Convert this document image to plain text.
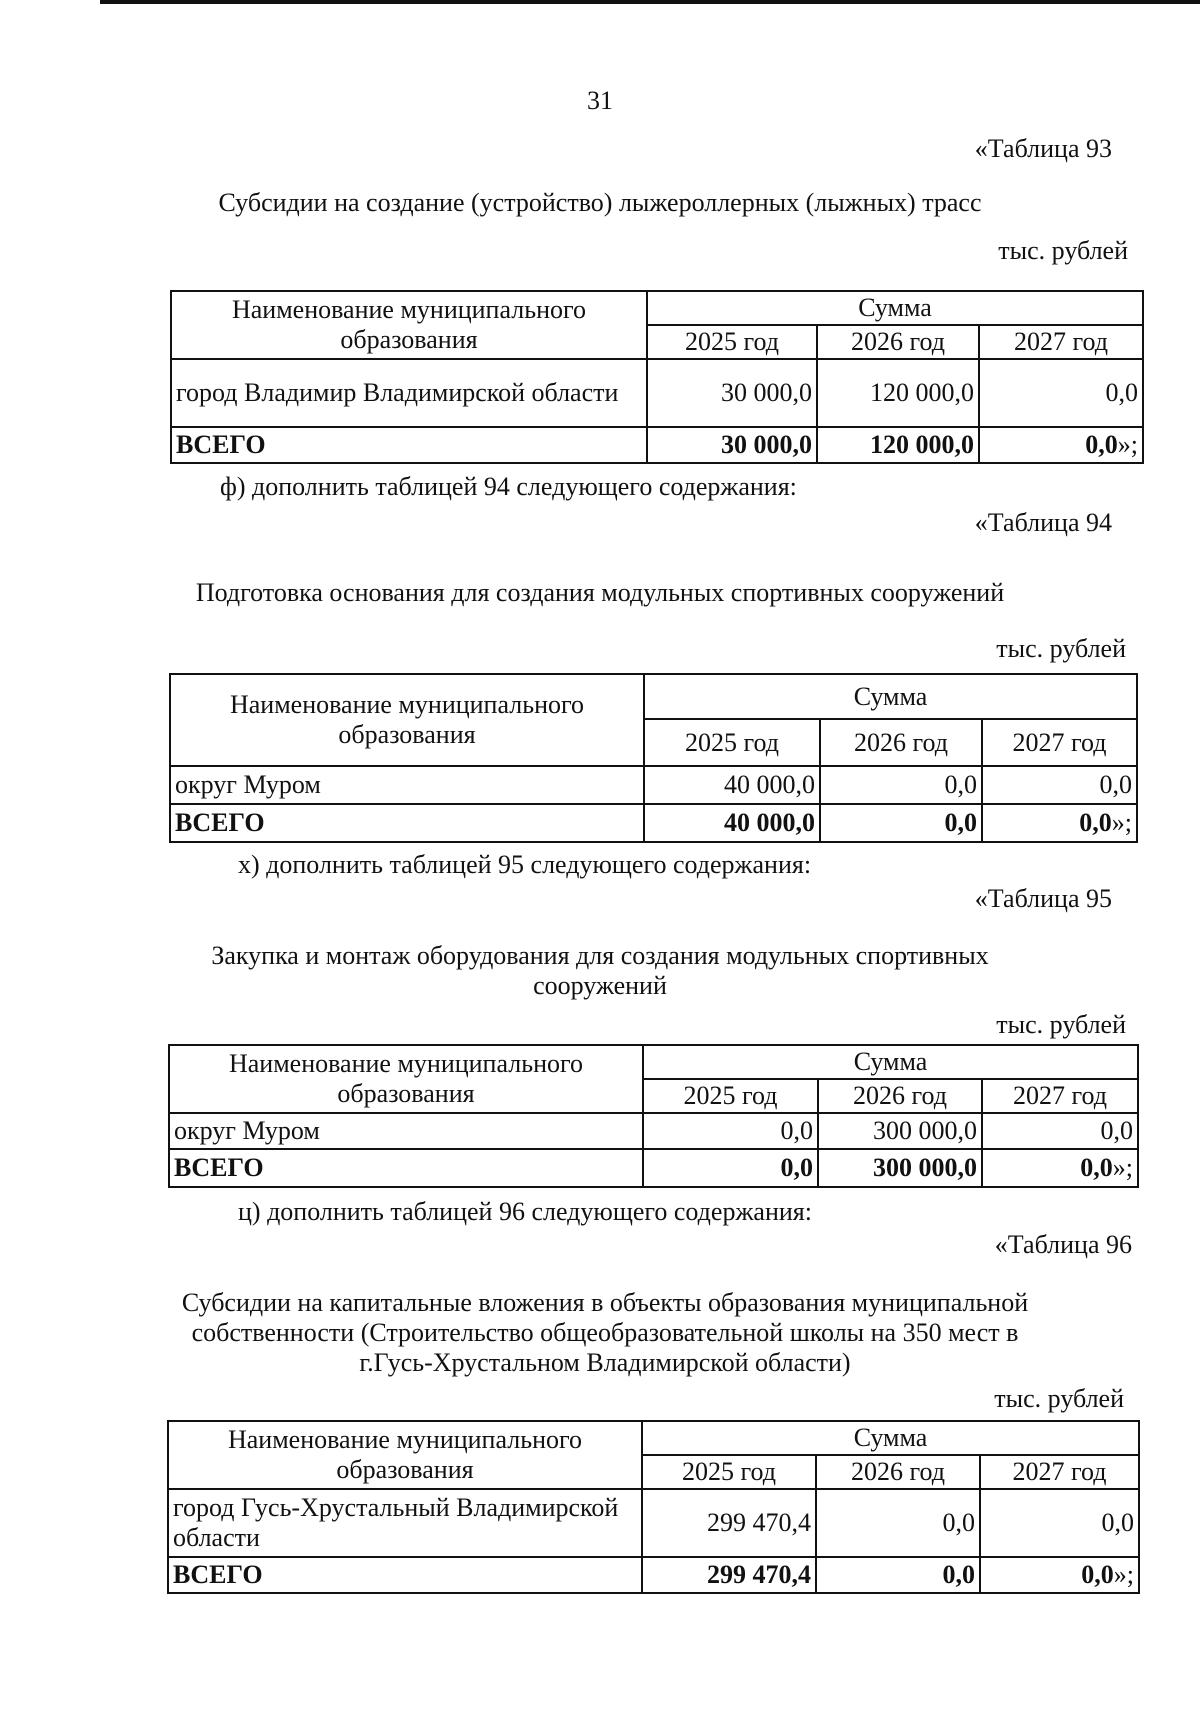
31
«Таблица 93
Субсидии на создание (устройство) лыжероллерных (лыжных) трасс
тыс. рублей
Наименование муниципального образования	Сумма		
	2025 год	2026 год	2027 год
город Владимир Владимирской области	30 000,0	120 000,0	0,0
ВСЕГО	30 000,0	120 000,0	0,0»;
ф) дополнить таблицей 94 следующего содержания:
«Таблица 94
Подготовка основания для создания модульных спортивных сооружений
тыс. рублей
Наименование муниципального образования	Сумма		
	2025 год	2026 год	2027 год
округ Муром	40 000,0	0,0	0,0
ВСЕГО	40 000,0	0,0	0,0»;
х) дополнить таблицей 95 следующего содержания:
«Таблица 95
Закупка и монтаж оборудования для создания модульных спортивных сооружений
тыс. рублей
Наименование муниципального образования	Сумма		
	2025 год	2026 год	2027 год
округ Муром	0,0	300 000,0	0,0
ВСЕГО	0,0	300 000,0	0,0»;
ц) дополнить таблицей 96 следующего содержания:
«Таблица 96
Субсидии на капитальные вложения в объекты образования муниципальной собственности (Строительство общеобразовательной школы на 350 мест в г.Гусь-Хрустальном Владимирской области)
тыс. рублей
Наименование муниципального образования	Сумма		
	2025 год	2026 год	2027 год
город Гусь-Хрустальный Владимирской области	299 470,4	0,0	0,0
ВСЕГО	299 470,4	0,0	0,0»;
